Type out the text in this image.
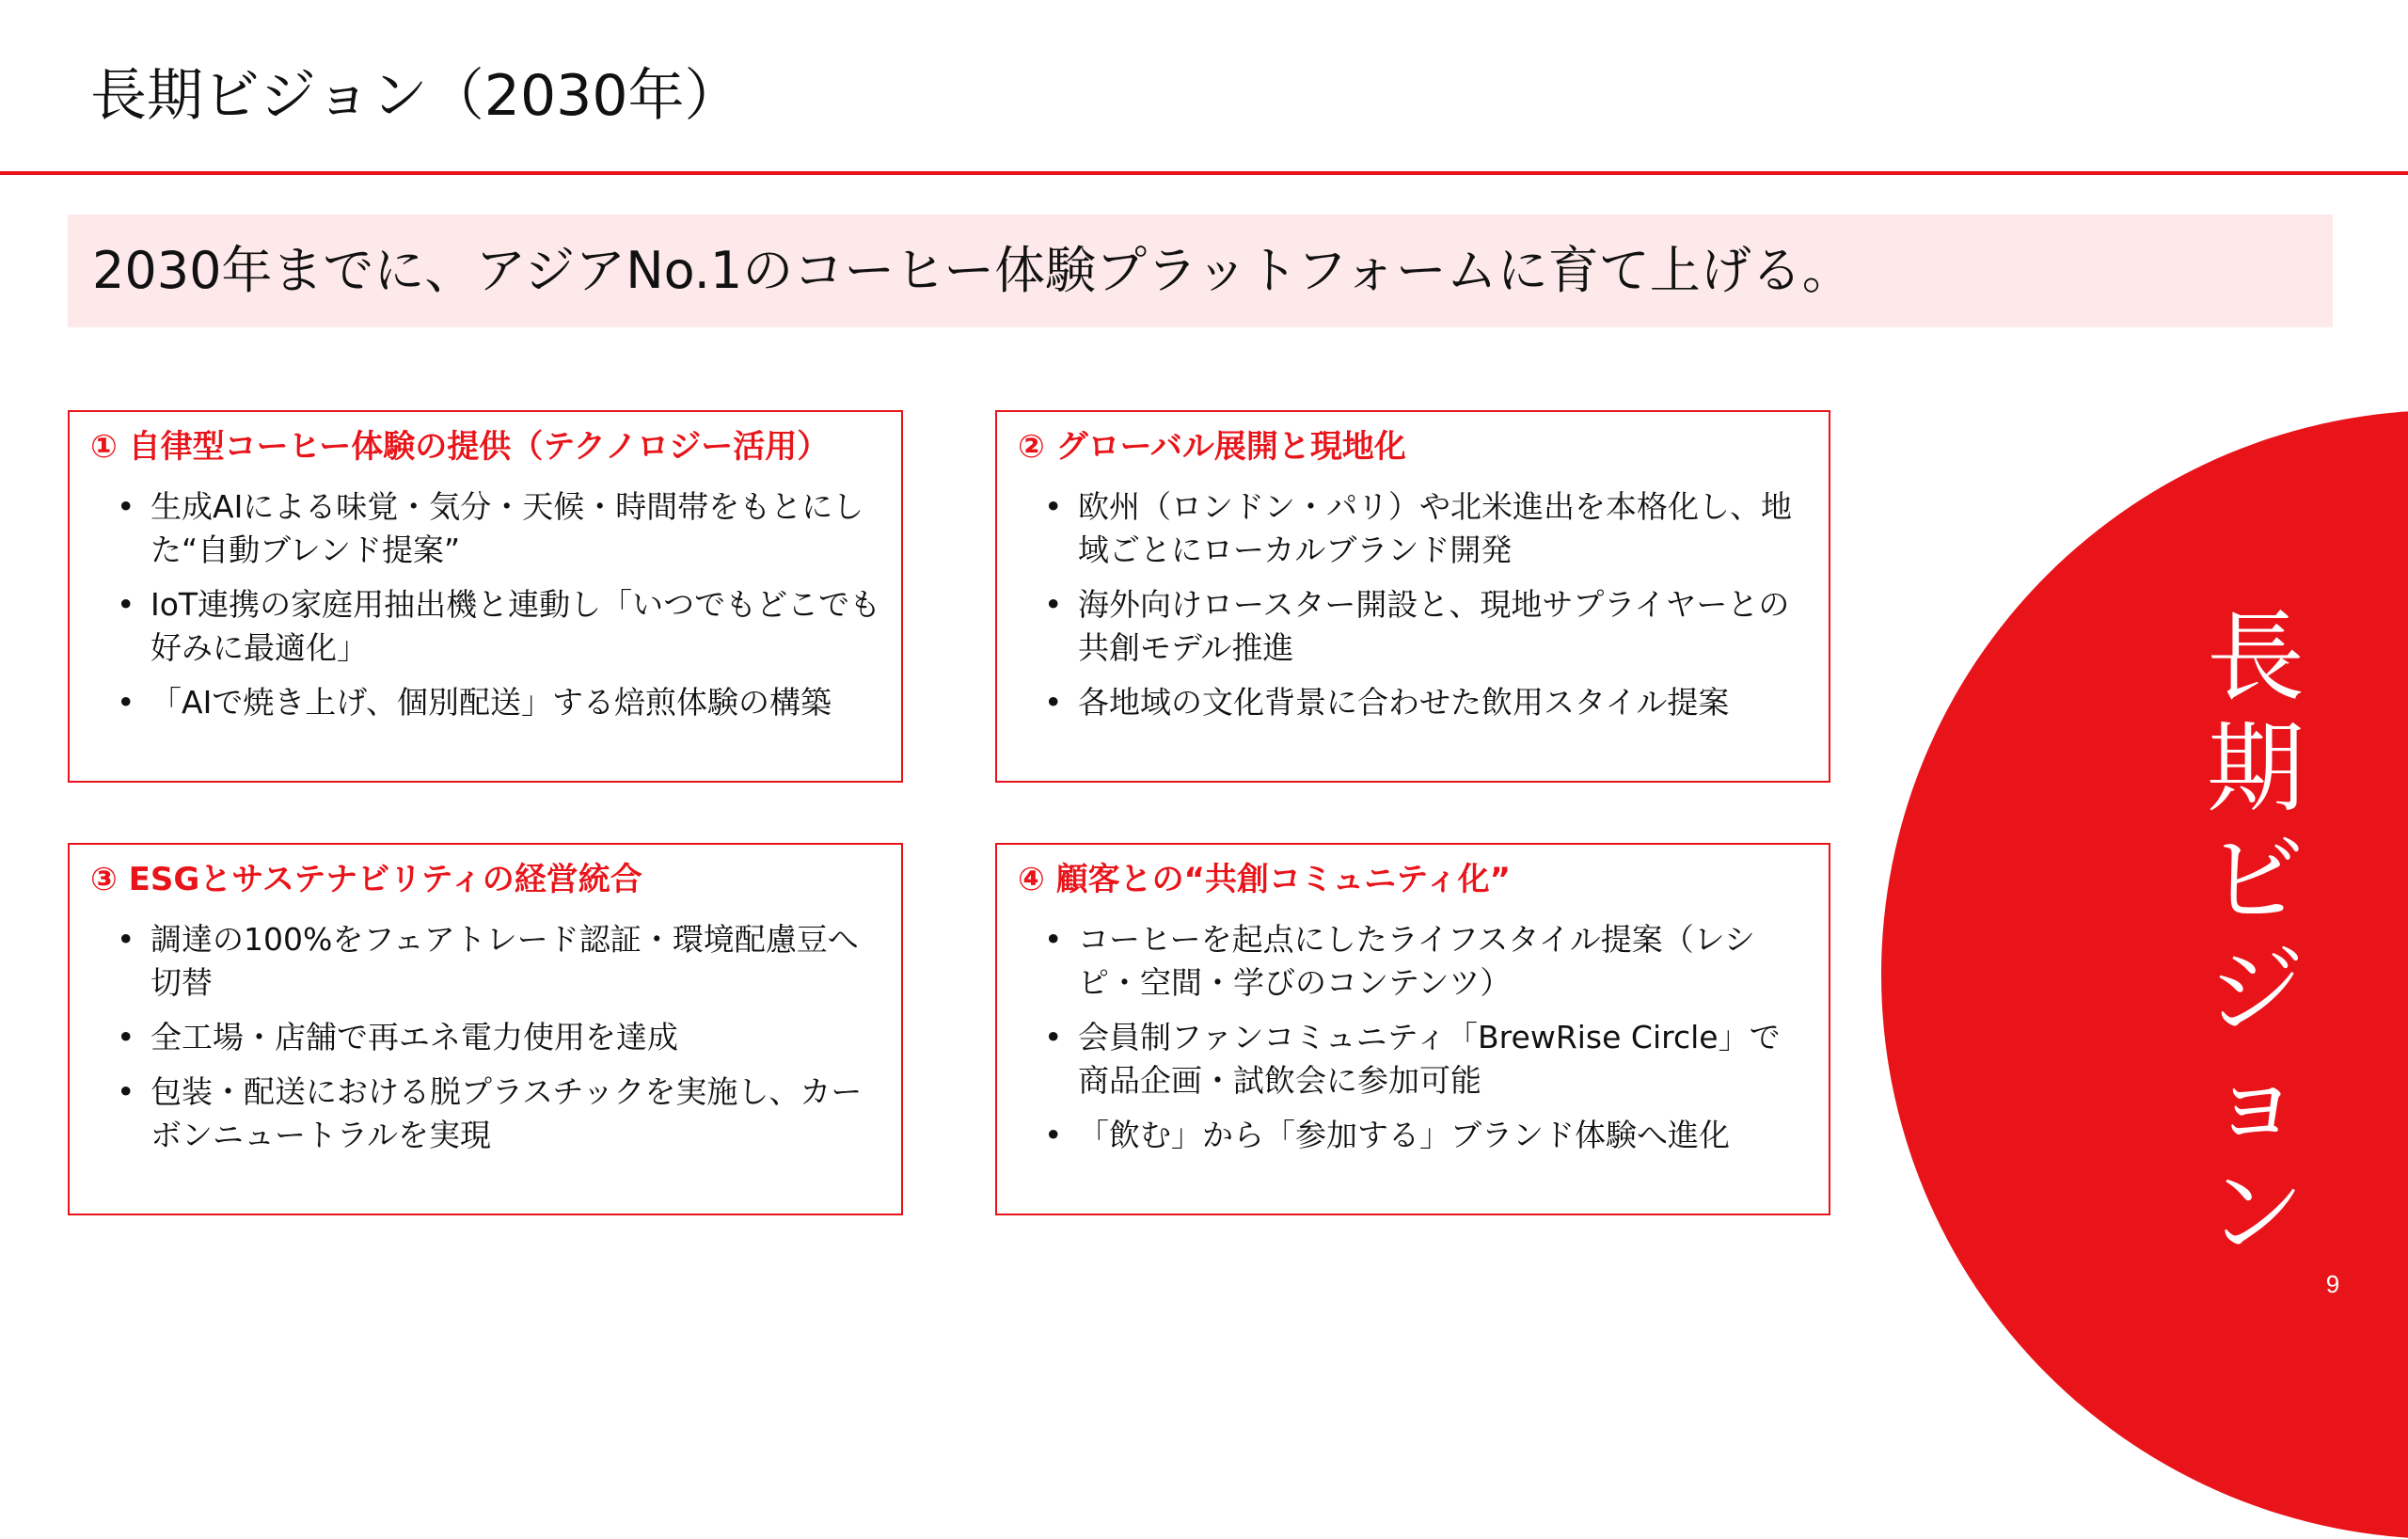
長期ビジョン（2030年）
2030年までに、アジアNo.1のコーヒー体験プラットフォームに育て上げる。
長
期
ビ
ジ
ョ
ン
9
① 自律型コーヒー体験の提供（テクノロジー活用）
• 生成AIによる味覚・気分・天候・時間帯をもとにした“自動ブレンド提案”
• IoT連携の家庭用抽出機と連動し「いつでもどこでも好みに最適化」
• 「AIで焼き上げ、個別配送」する焙煎体験の構築
② グローバル展開と現地化
• 欧州（ロンドン・パリ）や北米進出を本格化し、地域ごとにローカルブランド開発
• 海外向けロースター開設と、現地サプライヤーとの共創モデル推進
• 各地域の文化背景に合わせた飲用スタイル提案
③ ESGとサステナビリティの経営統合
• 調達の100%をフェアトレード認証・環境配慮豆へ切替
• 全工場・店舗で再エネ電力使用を達成
• 包装・配送における脱プラスチックを実施し、カーボンニュートラルを実現
④ 顧客との“共創コミュニティ化”
• コーヒーを起点にしたライフスタイル提案（レシピ・空間・学びのコンテンツ）
• 会員制ファンコミュニティ「BrewRise Circle」で商品企画・試飲会に参加可能
• 「飲む」から「参加する」ブランド体験へ進化
